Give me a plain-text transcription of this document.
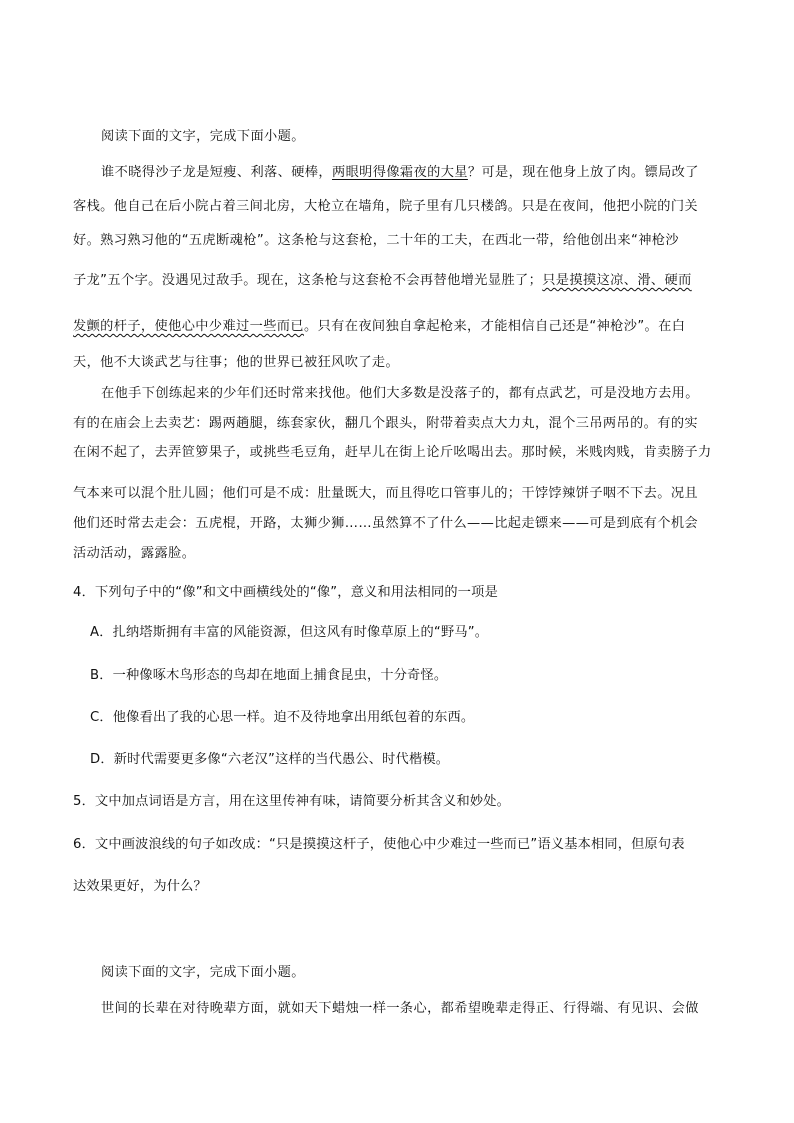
阅读下面的文字，完成下面小题。
谁不晓得沙子龙是短瘦、利落、硬棒，两眼明得像霜夜的大星？可是，现在他身上放了肉。镖局改了
客栈。他自己在后小院占着三间北房，大枪立在墙角，院子里有几只楼鸽。只是在夜间，他把小院的门关
好。熟习熟习他的“五虎断魂枪”。这条枪与这套枪，二十年的工夫，在西北一带，给他创出来“神枪沙
子龙”五个字。没遇见过敌手。现在，这条枪与这套枪不会再替他增光显胜了；只是摸摸这凉、滑、硬而
发颤的杆子，使他心中少难过一些而已。只有在夜间独自拿起枪来，才能相信自己还是“神枪沙”。在白
天，他不大谈武艺与往事；他的世界已被狂风吹了走。
在他手下创练起来的少年们还时常来找他。他们大多数是没落子的，都有点武艺，可是没地方去用。
有的在庙会上去卖艺：踢两趟腿，练套家伙，翻几个跟头，附带着卖点大力丸，混个三吊两吊的。有的实
在闲不起了，去弄笸箩果子，或挑些毛豆角，赶早儿在街上论斤吆喝出去。那时候，米贱肉贱，肯卖膀子力
气本来可以混个肚儿圆；他们可是不成：肚量既大，而且得吃口管事儿的；干饽饽辣饼子咽不下去。况且
他们还时常去走会：五虎棍，开路，太狮少狮……虽然算不了什么——比起走镖来——可是到底有个机会
活动活动，露露脸。
4．下列句子中的“像”和文中画横线处的“像”，意义和用法相同的一项是
A．扎纳塔斯拥有丰富的风能资源，但这风有时像草原上的“野马”。
B．一种像啄木鸟形态的鸟却在地面上捕食昆虫，十分奇怪。
C．他像看出了我的心思一样。迫不及待地拿出用纸包着的东西。
D．新时代需要更多像“六老汉”这样的当代愚公、时代楷模。
5．文中加点词语是方言，用在这里传神有味，请简要分析其含义和妙处。
6．文中画波浪线的句子如改成：“只是摸摸这杆子，使他心中少难过一些而已”语义基本相同，但原句表
达效果更好，为什么？
阅读下面的文字，完成下面小题。
世间的长辈在对待晚辈方面，就如天下蜡烛一样一条心，都希望晚辈走得正、行得端、有见识、会做
